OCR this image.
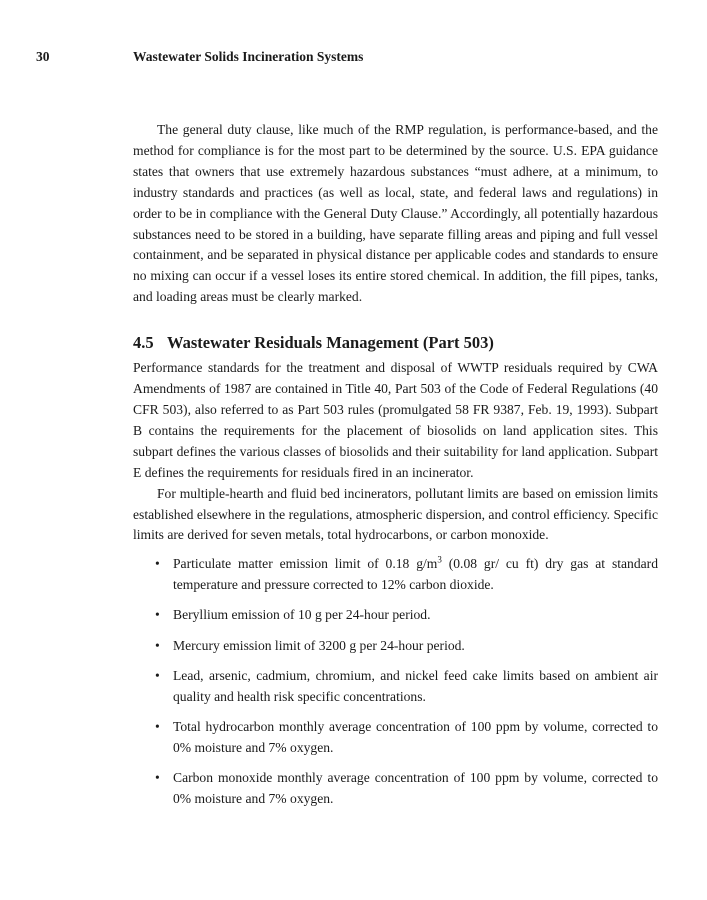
30	Wastewater Solids Incineration Systems

The general duty clause, like much of the RMP regulation, is performance-based, and the method for compliance is for the most part to be determined by the source. U.S. EPA guidance states that owners that use extremely hazardous substances “must adhere, at a minimum, to industry standards and practices (as well as local, state, and federal laws and regulations) in order to be in compliance with the General Duty Clause.” Accordingly, all potentially hazardous substances need to be stored in a building, have separate filling areas and piping and full vessel containment, and be separated in physical distance per applicable codes and standards to ensure no mixing can occur if a vessel loses its entire stored chemical. In addition, the fill pipes, tanks, and loading areas must be clearly marked.

4.5 Wastewater Residuals Management (Part 503)

Performance standards for the treatment and disposal of WWTP residuals required by CWA Amendments of 1987 are contained in Title 40, Part 503 of the Code of Federal Regulations (40 CFR 503), also referred to as Part 503 rules (promulgated 58 FR 9387, Feb. 19, 1993). Subpart B contains the requirements for the placement of biosolids on land application sites. This subpart defines the various classes of biosolids and their suitability for land application. Subpart E defines the requirements for residuals fired in an incinerator.

For multiple-hearth and fluid bed incinerators, pollutant limits are based on emission limits established elsewhere in the regulations, atmospheric dispersion, and control efficiency. Specific limits are derived for seven metals, total hydrocarbons, or carbon monoxide.

• Particulate matter emission limit of 0.18 $g/m^3$ (0.08 gr/ cu ft) dry gas at standard temperature and pressure corrected to 12% carbon dioxide.
• Beryllium emission of 10 g per 24-hour period.
• Mercury emission limit of 3200 g per 24-hour period.
• Lead, arsenic, cadmium, chromium, and nickel feed cake limits based on ambient air quality and health risk specific concentrations.
• Total hydrocarbon monthly average concentration of 100 ppm by volume, corrected to 0% moisture and 7% oxygen.
• Carbon monoxide monthly average concentration of 100 ppm by volume, corrected to 0% moisture and 7% oxygen.
